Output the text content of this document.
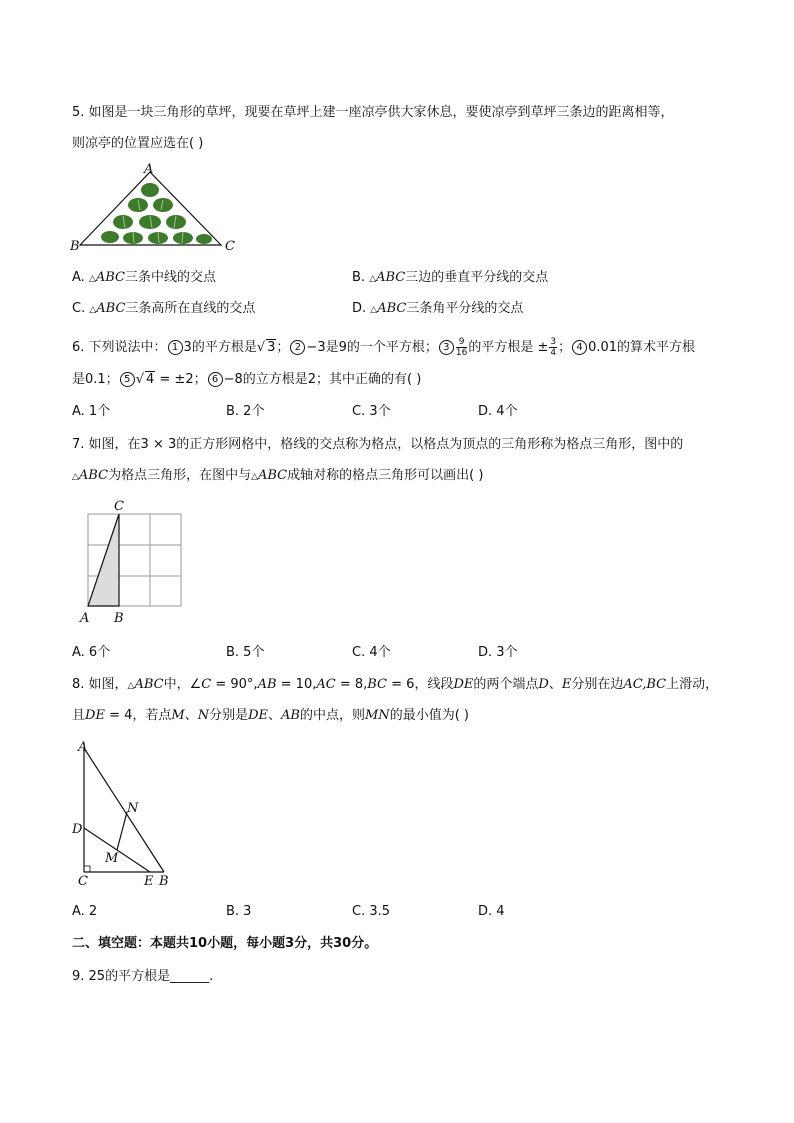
5. 如图是一块三角形的草坪，现要在草坪上建一座凉亭供大家休息，要使凉亭到草坪三条边的距离相等，
则凉亭的位置应选在( )
A
B	C
A. △ABC三条中线的交点	B. △ABC三边的垂直平分线的交点
C. △ABC三条高所在直线的交点	D. △ABC三条角平分线的交点
6. 下列说法中： 1 3的平方根是√ 3； 2 −3是9的一个平方根； $3 \frac{9}{16}$ 的平方根是 ± $\frac{3}{4}$ ； 4 0.01的算术平方根
是0.1； 5 √ 4 = ±2； 6 −8的立方根是2；其中正确的有( )
A. 1个	B. 2个	C. 3个	D. 4个
7. 如图，在3 × 3的正方形网格中，格线的交点称为格点，以格点为顶点的三角形称为格点三角形，图中的
△ABC为格点三角形，在图中与△ABC成轴对称的格点三角形可以画出( )
A B
C
A. 6个	B. 5个	C. 4个	D. 3个
8. 如图，△ABC中，∠C = 90°,AB = 10,AC = 8,BC = 6，线段DE的两个端点D、E分别在边AC,BC上滑动，
且DE = 4，若点M、N分别是DE、AB的中点，则MN的最小值为( )
A
D
C	E B
N
M
A. 2	B. 3	C. 3.5	D. 4
二、填空题：本题共10小题，每小题3分，共30分。
9. 25的平方根是______.
